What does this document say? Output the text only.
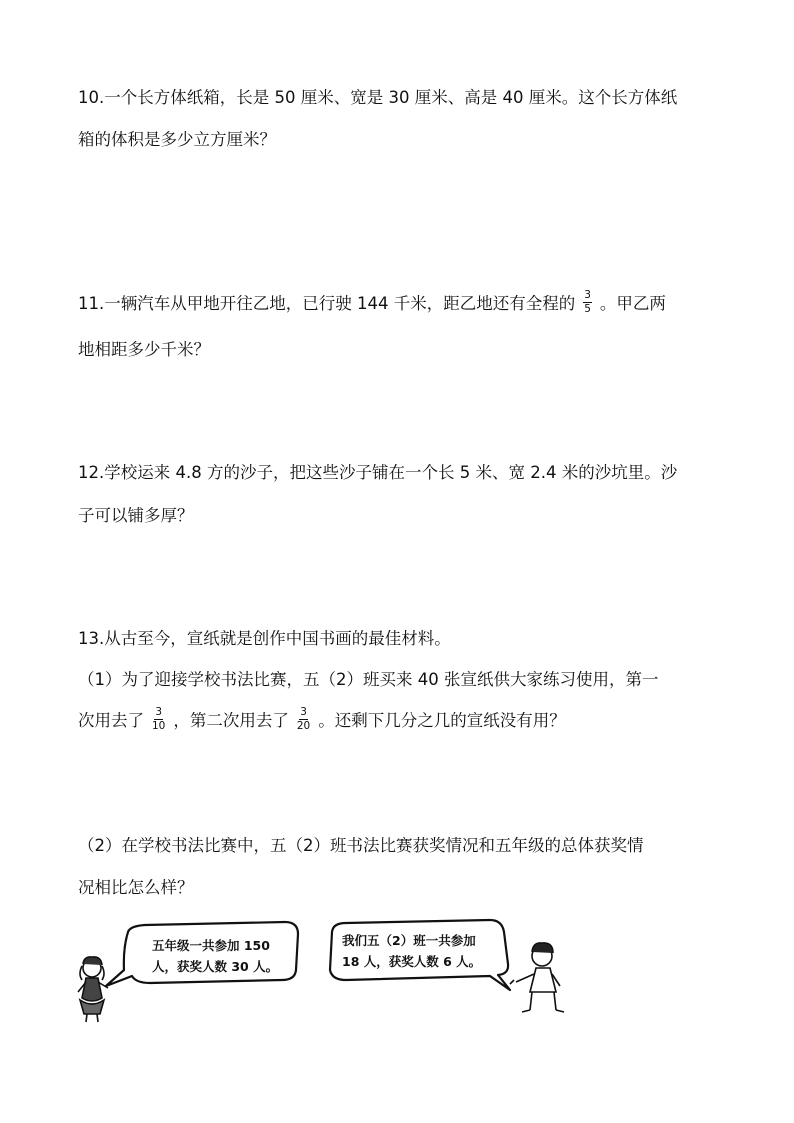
10.一个长方体纸箱，长是 50 厘米、宽是 30 厘米、高是 40 厘米。这个长方体纸
箱的体积是多少立方厘米？
11.一辆汽车从甲地开往乙地，已行驶 144 千米，距乙地还有全程的 $\frac{3}{5}$ 。甲乙两
地相距多少千米？
12.学校运来 4.8 方的沙子，把这些沙子铺在一个长 5 米、宽 2.4 米的沙坑里。沙
子可以铺多厚？
13.从古至今，宣纸就是创作中国书画的最佳材料。
（1）为了迎接学校书法比赛，五（2）班买来 40 张宣纸供大家练习使用，第一
次用去了 $\frac{3}{10}$ ，第二次用去了 $\frac{3}{20}$ 。还剩下几分之几的宣纸没有用？
（2）在学校书法比赛中，五（2）班书法比赛获奖情况和五年级的总体获奖情
况相比怎么样？
五年级一共参加 150
人，获奖人数 30 人。
我们五（2）班一共参加
18 人，获奖人数 6 人。
